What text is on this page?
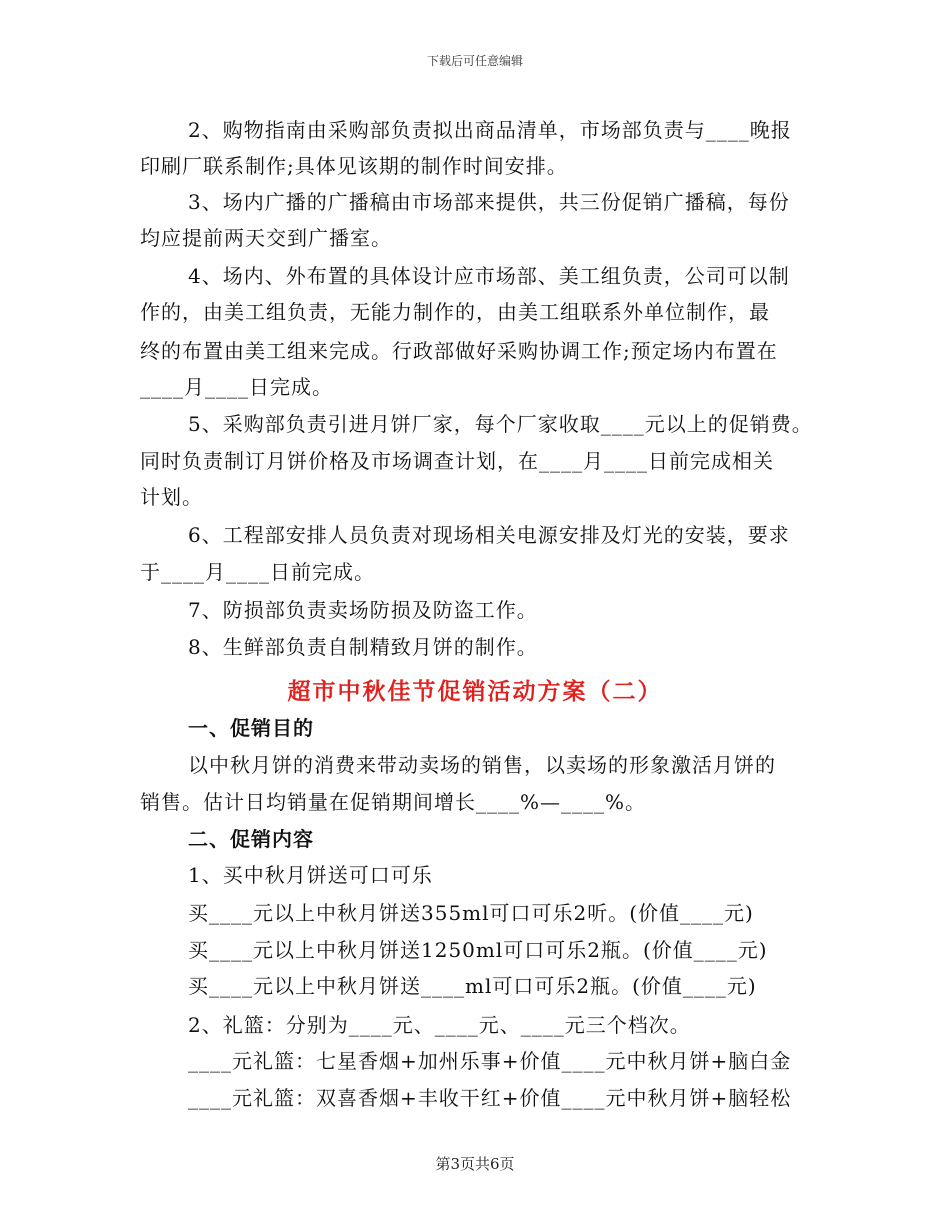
下载后可任意编辑
2、购物指南由采购部负责拟出商品清单，市场部负责与____晚报
印刷厂联系制作;具体见该期的制作时间安排。
3、场内广播的广播稿由市场部来提供，共三份促销广播稿，每份
均应提前两天交到广播室。
4、场内、外布置的具体设计应市场部、美工组负责，公司可以制
作的，由美工组负责，无能力制作的，由美工组联系外单位制作，最
终的布置由美工组来完成。行政部做好采购协调工作;预定场内布置在
____月____日完成。
5、采购部负责引进月饼厂家，每个厂家收取____元以上的促销费。
同时负责制订月饼价格及市场调查计划，在____月____日前完成相关
计划。
6、工程部安排人员负责对现场相关电源安排及灯光的安装，要求
于____月____日前完成。
7、防损部负责卖场防损及防盗工作。
8、生鲜部负责自制精致月饼的制作。
超市中秋佳节促销活动方案（二）
一、促销目的
以中秋月饼的消费来带动卖场的销售，以卖场的形象激活月饼的
销售。估计日均销量在促销期间增长____%—____%。
二、促销内容
1、买中秋月饼送可口可乐
买____元以上中秋月饼送355ml可口可乐2听。(价值____元)
买____元以上中秋月饼送1250ml可口可乐2瓶。(价值____元)
买____元以上中秋月饼送____ml可口可乐2瓶。(价值____元)
2、礼篮：分别为____元、____元、____元三个档次。
____元礼篮：七星香烟+加州乐事+价值____元中秋月饼+脑白金
____元礼篮：双喜香烟+丰收干红+价值____元中秋月饼+脑轻松
第3页共6页
